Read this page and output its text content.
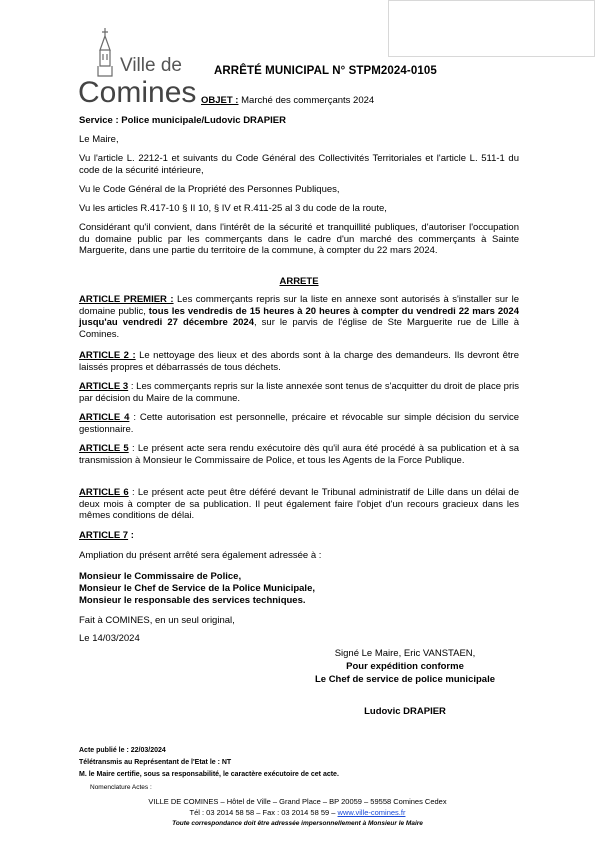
Ville de
Comines
ARRÊTÉ MUNICIPAL N° STPM2024-0105
OBJET : Marché des commerçants 2024
Service : Police municipale/Ludovic DRAPIER
Le Maire,
Vu l'article L. 2212-1 et suivants du Code Général des Collectivités Territoriales et l'article L. 511-1 du code de la sécurité intérieure,
Vu le Code Général de la Propriété des Personnes Publiques,
Vu les articles R.417-10 § II 10, § IV et R.411-25 al 3 du code de la route,
Considérant qu'il convient, dans l'intérêt de la sécurité et tranquillité publiques, d'autoriser l'occupation du domaine public par les commerçants dans le cadre d'un marché des commerçants à Sainte Marguerite, dans une partie du territoire de la commune, à compter du 22 mars 2024.
ARRETE
ARTICLE PREMIER : Les commerçants repris sur la liste en annexe sont autorisés à s'installer sur le domaine public, tous les vendredis de 15 heures à 20 heures à compter du vendredi 22 mars 2024 jusqu'au vendredi 27 décembre 2024, sur le parvis de l'église de Ste Marguerite rue de Lille à Comines.
ARTICLE 2 : Le nettoyage des lieux et des abords sont à la charge des demandeurs. Ils devront être laissés propres et débarrassés de tous déchets.
ARTICLE 3 : Les commerçants repris sur la liste annexée sont tenus de s'acquitter du droit de place pris par décision du Maire de la commune.
ARTICLE 4 : Cette autorisation est personnelle, précaire et révocable sur simple décision du service gestionnaire.
ARTICLE 5 : Le présent acte sera rendu exécutoire dès qu'il aura été procédé à sa publication et à sa transmission à Monsieur le Commissaire de Police, et tous les Agents de la Force Publique.
ARTICLE 6 : Le présent acte peut être déféré devant le Tribunal administratif de Lille dans un délai de deux mois à compter de sa publication. Il peut également faire l'objet d'un recours gracieux dans les mêmes conditions de délai.
ARTICLE 7 :
Ampliation du présent arrêté sera également adressée à :
Monsieur le Commissaire de Police,
Monsieur le Chef de Service de la Police Municipale,
Monsieur le responsable des services techniques.
Fait à COMINES, en un seul original,
Le 14/03/2024
Signé Le Maire, Eric VANSTAEN,
Pour expédition conforme
Le Chef de service de police municipale
Ludovic DRAPIER
Acte publié le : 22/03/2024
Télétransmis au Représentant de l'Etat le : NT
M. le Maire certifie, sous sa responsabilité, le caractère exécutoire de cet acte.
Nomenclature Actes :
VILLE DE COMINES – Hôtel de Ville – Grand Place – BP 20059 – 59558 Comines Cedex
Tél : 03 2014 58 58 – Fax : 03 2014 58 59 – www.ville-comines.fr
Toute correspondance doit être adressée impersonnellement à Monsieur le Maire
